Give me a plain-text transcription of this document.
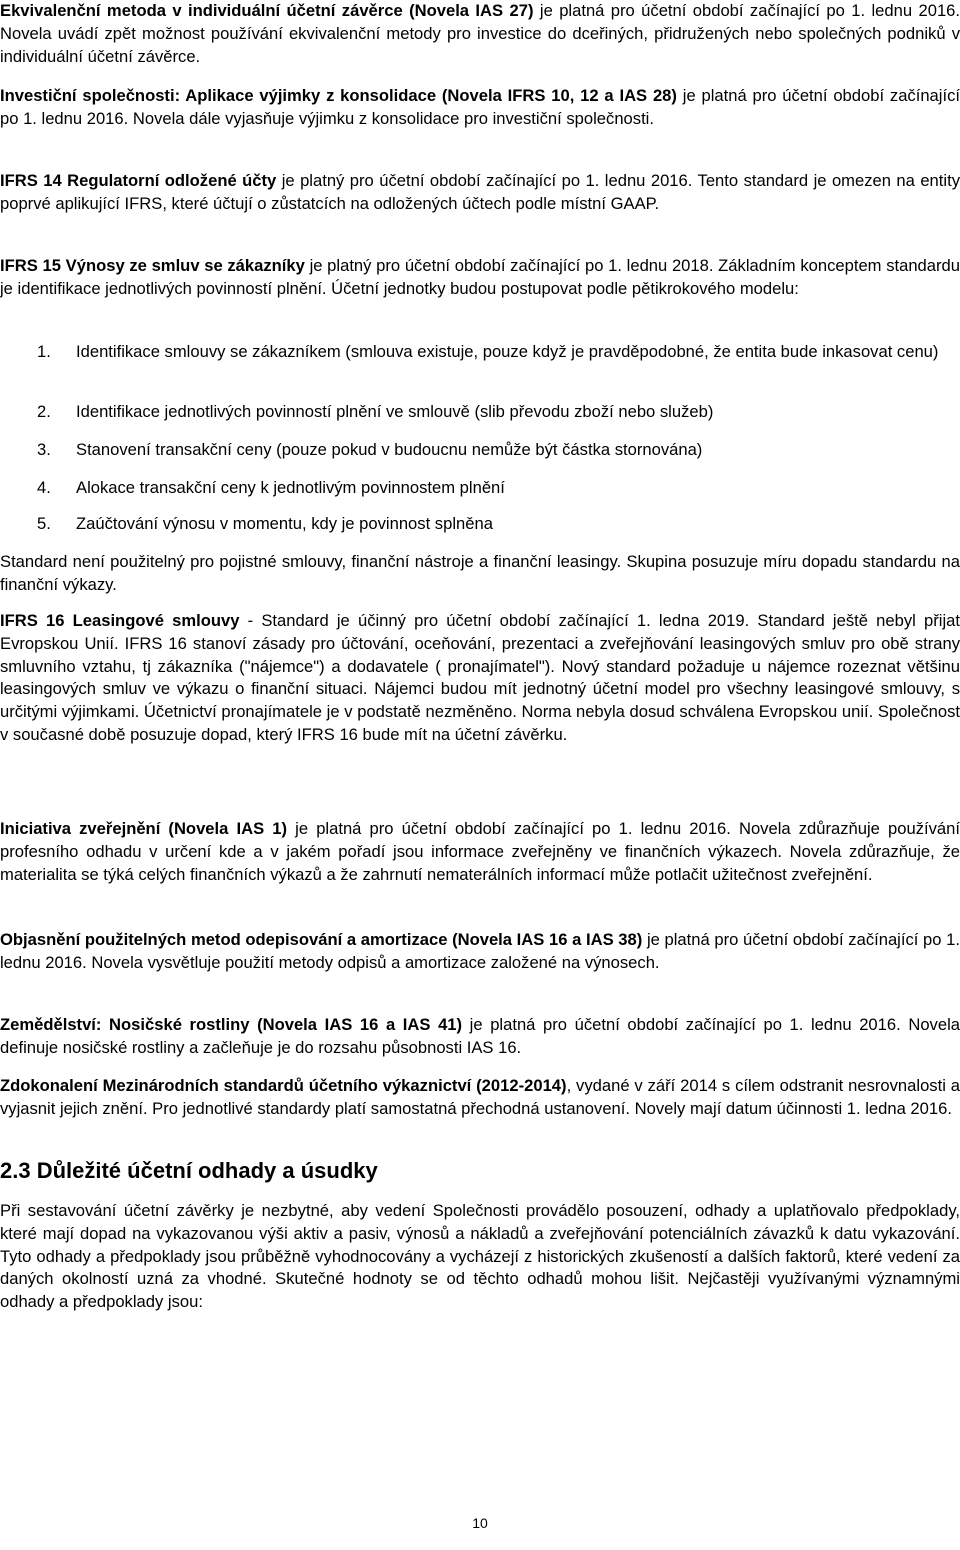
Ekvivalenční metoda v individuální účetní závěrce (Novela IAS 27) je platná pro účetní období začínající po 1. lednu 2016. Novela uvádí zpět možnost používání ekvivalenční metody pro investice do dceřiných, přidružených nebo společných podniků v individuální účetní závěrce.

Investiční společnosti: Aplikace výjimky z konsolidace (Novela IFRS 10, 12 a IAS 28) je platná pro účetní období začínající po 1. lednu 2016. Novela dále vyjasňuje výjimku z konsolidace pro investiční společnosti.

IFRS 14 Regulatorní odložené účty je platný pro účetní období začínající po 1. lednu 2016. Tento standard je omezen na entity poprvé aplikující IFRS, které účtují o zůstatcích na odložených účtech podle místní GAAP.

IFRS 15 Výnosy ze smluv se zákazníky je platný pro účetní období začínající po 1. lednu 2018. Základním konceptem standardu je identifikace jednotlivých povinností plnění. Účetní jednotky budou postupovat podle pětikrokového modelu:

1. Identifikace smlouvy se zákazníkem (smlouva existuje, pouze když je pravděpodobné, že entita bude inkasovat cenu)
2. Identifikace jednotlivých povinností plnění ve smlouvě (slib převodu zboží nebo služeb)
3. Stanovení transakční ceny (pouze pokud v budoucnu nemůže být částka stornována)
4. Alokace transakční ceny k jednotlivým povinnostem plnění
5. Zaúčtování výnosu v momentu, kdy je povinnost splněna

Standard není použitelný pro pojistné smlouvy, finanční nástroje a finanční leasingy. Skupina posuzuje míru dopadu standardu na finanční výkazy.

IFRS 16 Leasingové smlouvy - Standard je účinný pro účetní období začínající 1. ledna 2019. Standard ještě nebyl přijat Evropskou Unií. IFRS 16 stanoví zásady pro účtování, oceňování, prezentaci a zveřejňování leasingových smluv pro obě strany smluvního vztahu, tj zákazníka ("nájemce") a dodavatele ( pronajímatel"). Nový standard požaduje u nájemce rozeznat většinu leasingových smluv ve výkazu o finanční situaci. Nájemci budou mít jednotný účetní model pro všechny leasingové smlouvy, s určitými výjimkami. Účetnictví pronajímatele je v podstatě nezměněno. Norma nebyla dosud schválena Evropskou unií. Společnost v současné době posuzuje dopad, který IFRS 16 bude mít na účetní závěrku.

Iniciativa zveřejnění (Novela IAS 1) je platná pro účetní období začínající po 1. lednu 2016. Novela zdůrazňuje používání profesního odhadu v určení kde a v jakém pořadí jsou informace zveřejněny ve finančních výkazech. Novela zdůrazňuje, že materialita se týká celých finančních výkazů a že zahrnutí nematerálních informací může potlačit užitečnost zveřejnění.

Objasnění použitelných metod odepisování a amortizace (Novela IAS 16 a IAS 38) je platná pro účetní období začínající po 1. lednu 2016. Novela vysvětluje použití metody odpisů a amortizace založené na výnosech.

Zemědělství: Nosičské rostliny (Novela IAS 16 a IAS 41) je platná pro účetní období začínající po 1. lednu 2016. Novela definuje nosičské rostliny a začleňuje je do rozsahu působnosti IAS 16.

Zdokonalení Mezinárodních standardů účetního výkaznictví (2012-2014), vydané v září 2014 s cílem odstranit nesrovnalosti a vyjasnit jejich znění. Pro jednotlivé standardy platí samostatná přechodná ustanovení. Novely mají datum účinnosti 1. ledna 2016.

2.3 Důležité účetní odhady a úsudky

Při sestavování účetní závěrky je nezbytné, aby vedení Společnosti provádělo posouzení, odhady a uplatňovalo předpoklady, které mají dopad na vykazovanou výši aktiv a pasiv, výnosů a nákladů a zveřejňování potenciálních závazků k datu vykazování. Tyto odhady a předpoklady jsou průběžně vyhodnocovány a vycházejí z historických zkušeností a dalších faktorů, které vedení za daných okolností uzná za vhodné. Skutečné hodnoty se od těchto odhadů mohou lišit. Nejčastěji využívanými významnými odhady a předpoklady jsou:

10
